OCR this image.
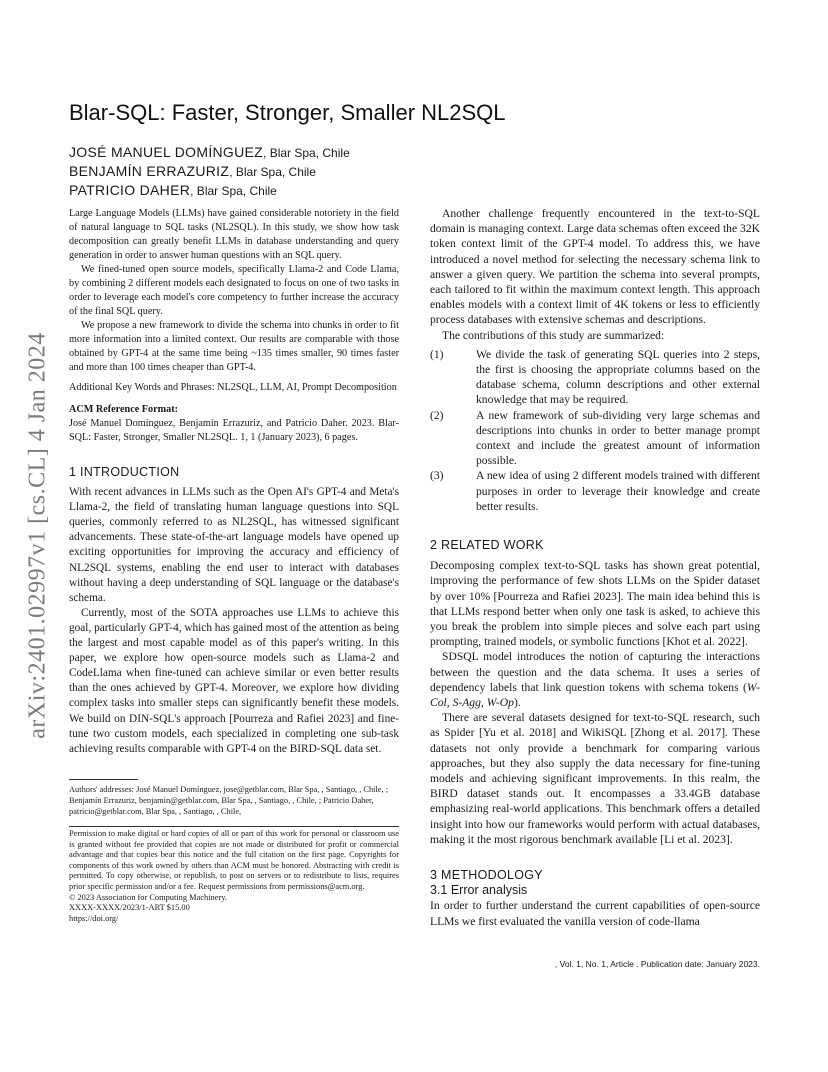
arXiv:2401.02997v1 [cs.CL] 4 Jan 2024
Blar-SQL: Faster, Stronger, Smaller NL2SQL
JOSÉ MANUEL DOMÍNGUEZ, Blar Spa, Chile
BENJAMÍN ERRAZURIZ, Blar Spa, Chile
PATRICIO DAHER, Blar Spa, Chile

Large Language Models (LLMs) have gained considerable notoriety in the field of natural language to SQL tasks (NL2SQL). In this study, we show how task decomposition can greatly benefit LLMs in database understanding and query generation in order to answer human questions with an SQL query.

We fined-tuned open source models, specifically Llama-2 and Code Llama, by combining 2 different models each designated to focus on one of two tasks in order to leverage each model's core competency to further increase the accuracy of the final SQL query.

We propose a new framework to divide the schema into chunks in order to fit more information into a limited context. Our results are comparable with those obtained by GPT-4 at the same time being ~135 times smaller, 90 times faster and more than 100 times cheaper than GPT-4.

Additional Key Words and Phrases: NL2SQL, LLM, AI, Prompt Decomposition

ACM Reference Format:

José Manuel Domínguez, Benjamín Errazuriz, and Patricio Daher. 2023. Blar-SQL: Faster, Stronger, Smaller NL2SQL. 1, 1 (January 2023), 6 pages.

1 INTRODUCTION

With recent advances in LLMs such as the Open AI's GPT-4 and Meta's Llama-2, the field of translating human language questions into SQL queries, commonly referred to as NL2SQL, has witnessed significant advancements. These state-of-the-art language models have opened up exciting opportunities for improving the accuracy and efficiency of NL2SQL systems, enabling the end user to interact with databases without having a deep understanding of SQL language or the database's schema.

Currently, most of the SOTA approaches use LLMs to achieve this goal, particularly GPT-4, which has gained most of the attention as being the largest and most capable model as of this paper's writing. In this paper, we explore how open-source models such as Llama-2 and CodeLlama when fine-tuned can achieve similar or even better results than the ones achieved by GPT-4. Moreover, we explore how dividing complex tasks into smaller steps can significantly benefit these models. We build on DIN-SQL's approach [Pourreza and Rafiei 2023] and fine-tune two custom models, each specialized in completing one sub-task achieving results comparable with GPT-4 on the BIRD-SQL data set.

Authors' addresses: José Manuel Domínguez, jose@getblar.com, Blar Spa, , Santiago, , Chile, ; Benjamín Errazuriz, benjamin@getblar.com, Blar Spa, , Santiago, , Chile, ; Patricio Daher, patricio@getblar.com, Blar Spa, , Santiago, , Chile,

Permission to make digital or hard copies of all or part of this work for personal or classroom use is granted without fee provided that copies are not made or distributed for profit or commercial advantage and that copies bear this notice and the full citation on the first page. Copyrights for components of this work owned by others than ACM must be honored. Abstracting with credit is permitted. To copy otherwise, or republish, to post on servers or to redistribute to lists, requires prior specific permission and/or a fee. Request permissions from permissions@acm.org.

© 2023 Association for Computing Machinery.
XXXX-XXXX/2023/1-ART $15.00
https://doi.org/

Another challenge frequently encountered in the text-to-SQL domain is managing context. Large data schemas often exceed the 32K token context limit of the GPT-4 model. To address this, we have introduced a novel method for selecting the necessary schema link to answer a given query. We partition the schema into several prompts, each tailored to fit within the maximum context length. This approach enables models with a context limit of 4K tokens or less to efficiently process databases with extensive schemas and descriptions.

The contributions of this study are summarized:

(1)	We divide the task of generating SQL queries into 2 steps, the first is choosing the appropriate columns based on the database schema, column descriptions and other external knowledge that may be required.
(2)	A new framework of sub-dividing very large schemas and descriptions into chunks in order to better manage prompt context and include the greatest amount of information possible.
(3)	A new idea of using 2 different models trained with different purposes in order to leverage their knowledge and create better results.

2 RELATED WORK

Decomposing complex text-to-SQL tasks has shown great potential, improving the performance of few shots LLMs on the Spider dataset by over 10% [Pourreza and Rafiei 2023]. The main idea behind this is that LLMs respond better when only one task is asked, to achieve this you break the problem into simple pieces and solve each part using prompting, trained models, or symbolic functions [Khot et al. 2022].

SDSQL model introduces the notion of capturing the interactions between the question and the data schema. It uses a series of dependency labels that link question tokens with schema tokens (W-Col, S-Agg, W-Op).

There are several datasets designed for text-to-SQL research, such as Spider [Yu et al. 2018] and WikiSQL [Zhong et al. 2017]. These datasets not only provide a benchmark for comparing various approaches, but they also supply the data necessary for fine-tuning models and achieving significant improvements. In this realm, the BIRD dataset stands out. It encompasses a 33.4GB database emphasizing real-world applications. This benchmark offers a detailed insight into how our frameworks would perform with actual databases, making it the most rigorous benchmark available [Li et al. 2023].

3 METHODOLOGY

3.1 Error analysis

In order to further understand the current capabilities of open-source LLMs we first evaluated the vanilla version of code-llama

, Vol. 1, No. 1, Article . Publication date: January 2023.
